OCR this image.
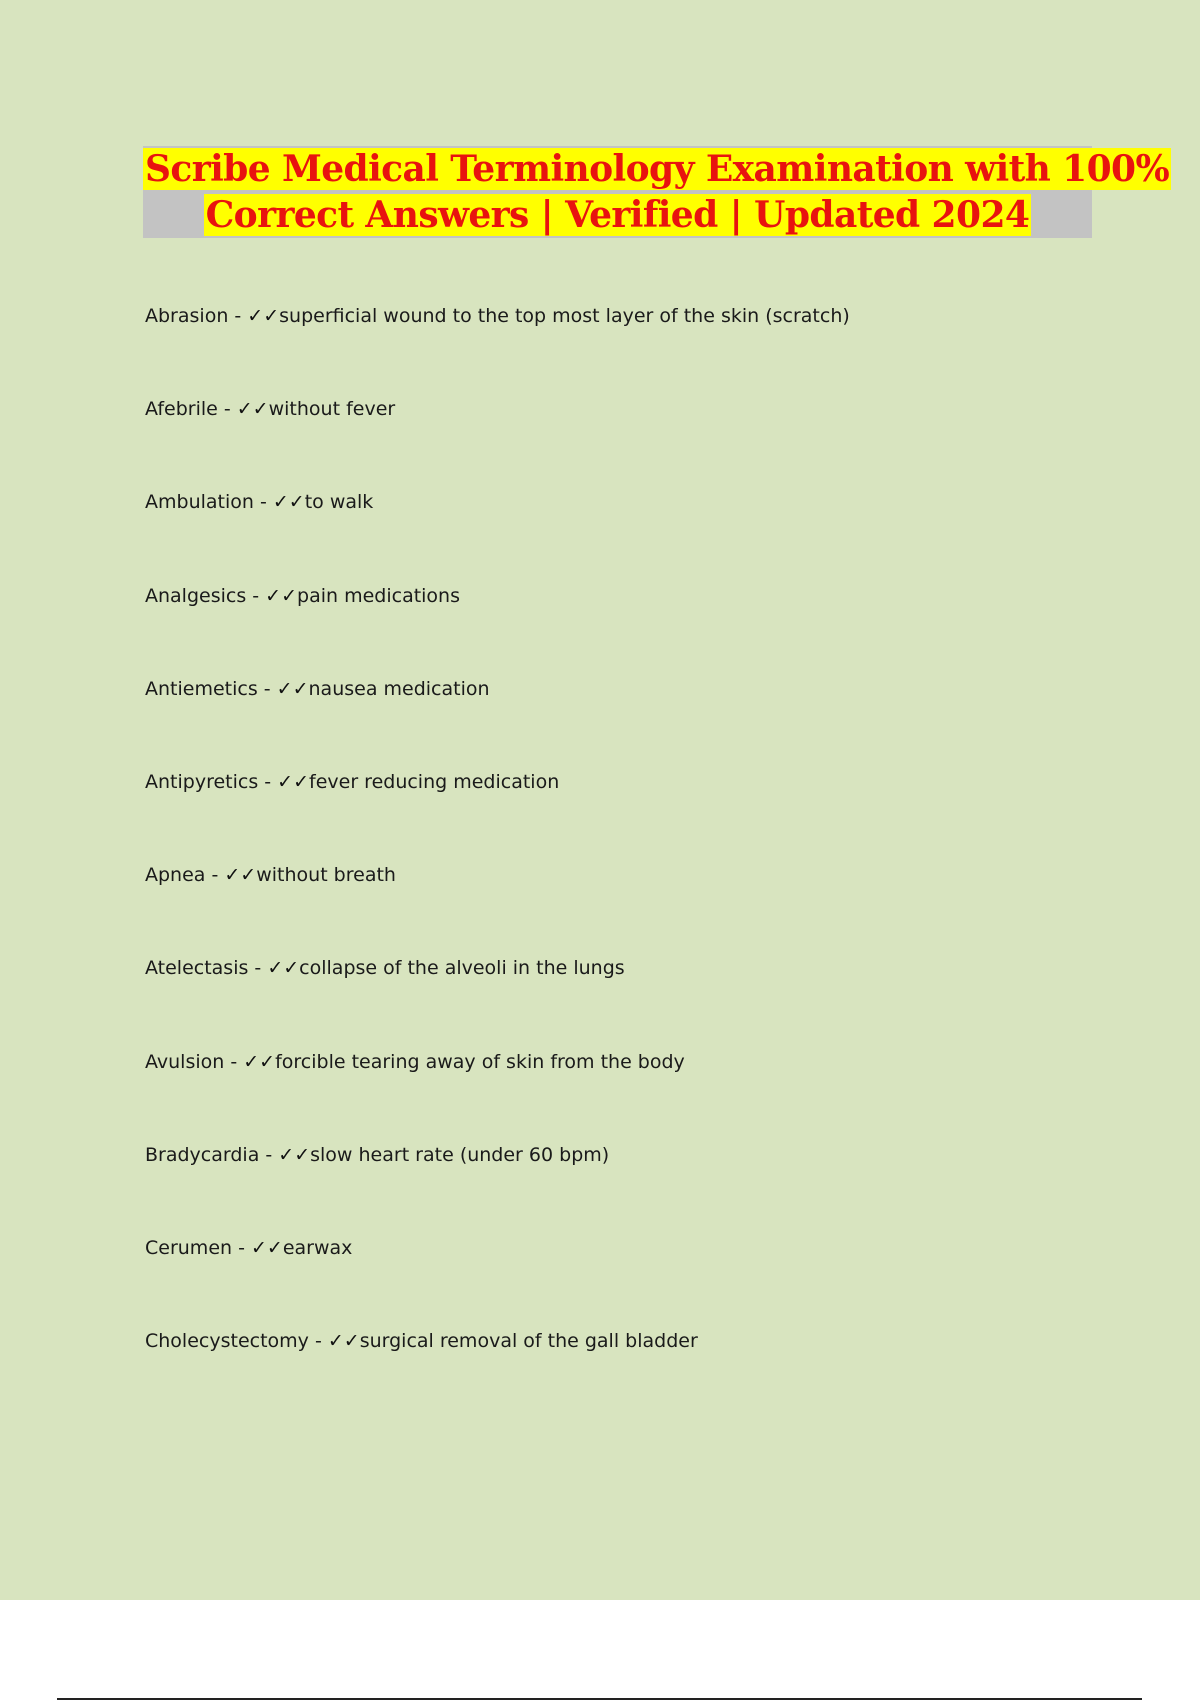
Scribe Medical Terminology Examination with 100%
Correct Answers | Verified | Updated 2024
Abrasion - ✓✓superficial wound to the top most layer of the skin (scratch)
Afebrile - ✓✓without fever
Ambulation - ✓✓to walk
Analgesics - ✓✓pain medications
Antiemetics - ✓✓nausea medication
Antipyretics - ✓✓fever reducing medication
Apnea - ✓✓without breath
Atelectasis - ✓✓collapse of the alveoli in the lungs
Avulsion - ✓✓forcible tearing away of skin from the body
Bradycardia - ✓✓slow heart rate (under 60 bpm)
Cerumen - ✓✓earwax
Cholecystectomy - ✓✓surgical removal of the gall bladder
